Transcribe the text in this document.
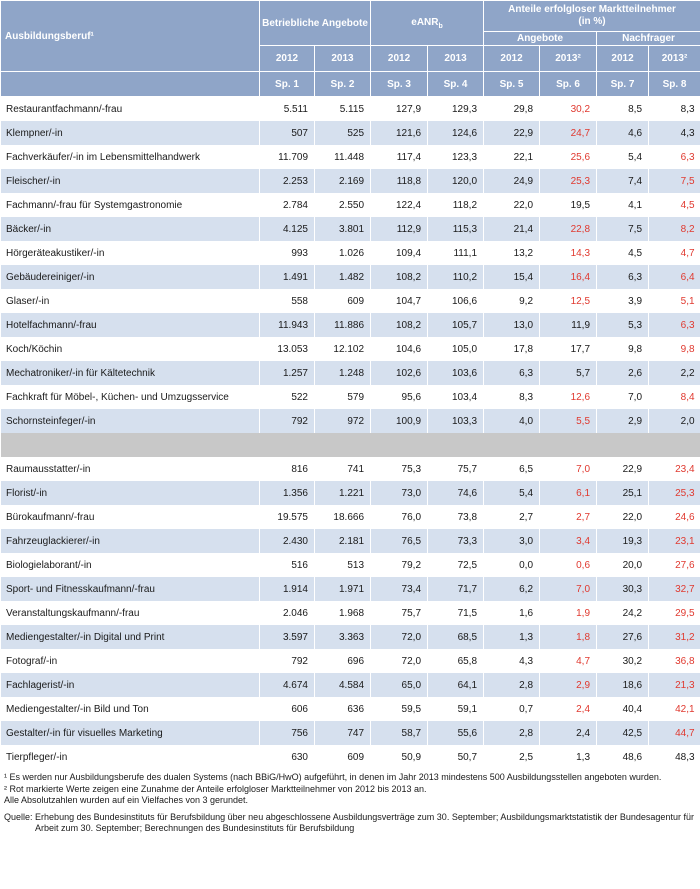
Ausbildungsberuf¹	Betriebliche Angebote		eANR$_b$		Anteile erfolgloser Marktteilnehmer (in %)			
					Angebote		Nachfrager	
	2012	2013	2012	2013	2012	2013²	2012	2013²
	Sp. 1	Sp. 2	Sp. 3	Sp. 4	Sp. 5	Sp. 6	Sp. 7	Sp. 8
Restaurantfachmann/-frau	5.511	5.115	127,9	129,3	29,8	30,2	8,5	8,3
Klempner/-in	507	525	121,6	124,6	22,9	24,7	4,6	4,3
Fachverkäufer/-in im Lebensmittelhandwerk	11.709	11.448	117,4	123,3	22,1	25,6	5,4	6,3
Fleischer/-in	2.253	2.169	118,8	120,0	24,9	25,3	7,4	7,5
Fachmann/-frau für Systemgastronomie	2.784	2.550	122,4	118,2	22,0	19,5	4,1	4,5
Bäcker/-in	4.125	3.801	112,9	115,3	21,4	22,8	7,5	8,2
Hörgeräteakustiker/-in	993	1.026	109,4	111,1	13,2	14,3	4,5	4,7
Gebäudereiniger/-in	1.491	1.482	108,2	110,2	15,4	16,4	6,3	6,4
Glaser/-in	558	609	104,7	106,6	9,2	12,5	3,9	5,1
Hotelfachmann/-frau	11.943	11.886	108,2	105,7	13,0	11,9	5,3	6,3
Koch/Köchin	13.053	12.102	104,6	105,0	17,8	17,7	9,8	9,8
Mechatroniker/-in für Kältetechnik	1.257	1.248	102,6	103,6	6,3	5,7	2,6	2,2
Fachkraft für Möbel-, Küchen- und Umzugsservice	522	579	95,6	103,4	8,3	12,6	7,0	8,4
Schornsteinfeger/-in	792	972	100,9	103,3	4,0	5,5	2,9	2,0

Raumausstatter/-in	816	741	75,3	75,7	6,5	7,0	22,9	23,4
Florist/-in	1.356	1.221	73,0	74,6	5,4	6,1	25,1	25,3
Bürokaufmann/-frau	19.575	18.666	76,0	73,8	2,7	2,7	22,0	24,6
Fahrzeuglackierer/-in	2.430	2.181	76,5	73,3	3,0	3,4	19,3	23,1
Biologielaborant/-in	516	513	79,2	72,5	0,0	0,6	20,0	27,6
Sport- und Fitnesskaufmann/-frau	1.914	1.971	73,4	71,7	6,2	7,0	30,3	32,7
Veranstaltungskaufmann/-frau	2.046	1.968	75,7	71,5	1,6	1,9	24,2	29,5
Mediengestalter/-in Digital und Print	3.597	3.363	72,0	68,5	1,3	1,8	27,6	31,2
Fotograf/-in	792	696	72,0	65,8	4,3	4,7	30,2	36,8
Fachlagerist/-in	4.674	4.584	65,0	64,1	2,8	2,9	18,6	21,3
Mediengestalter/-in Bild und Ton	606	636	59,5	59,1	0,7	2,4	40,4	42,1
Gestalter/-in für visuelles Marketing	756	747	58,7	55,6	2,8	2,4	42,5	44,7
Tierpfleger/-in	630	609	50,9	50,7	2,5	1,3	48,6	48,3

¹ Es werden nur Ausbildungsberufe des dualen Systems (nach BBiG/HwO) aufgeführt, in denen im Jahr 2013 mindestens 500 Ausbildungsstellen angeboten wurden.

² Rot markierte Werte zeigen eine Zunahme der Anteile erfolgloser Marktteilnehmer von 2012 bis 2013 an.

Alle Absolutzahlen wurden auf ein Vielfaches von 3 gerundet.

Quelle:
Erhebung des Bundesinstituts für Berufsbildung über neu abgeschlossene Ausbildungsverträge zum 30. September; Ausbildungsmarktstatistik der Bundesagentur für Arbeit zum 30. September; Berechnungen des Bundesinstituts für Berufsbildung
